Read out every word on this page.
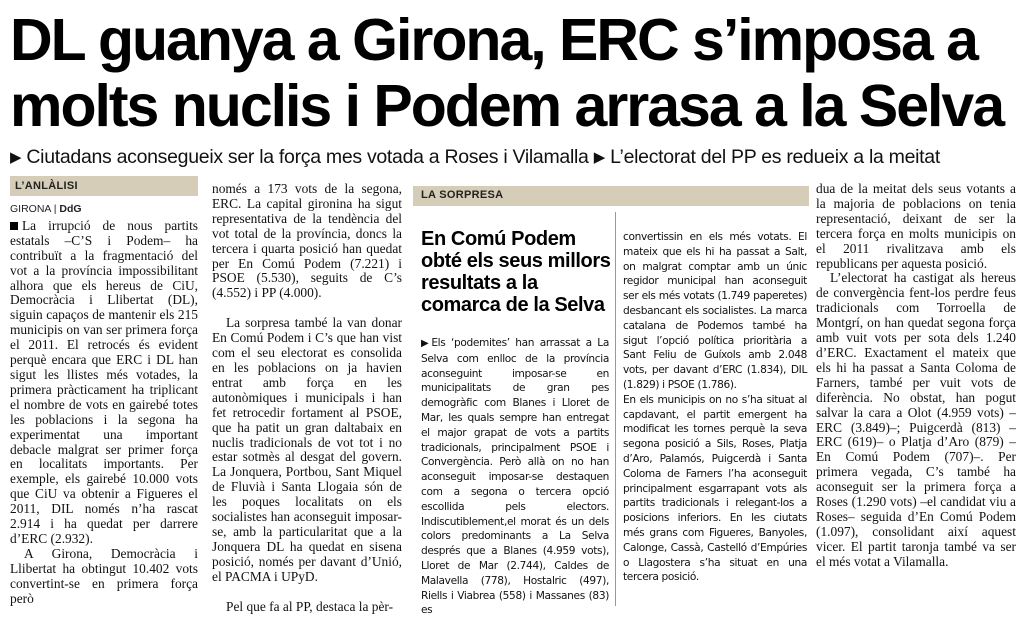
DL guanya a Girona, ERC s’imposa a
molts nuclis i Podem arrasa a la Selva
▶ Ciutadans aconsegueix ser la força mes votada a Roses i Vilamalla ▶ L’electorat del PP es redueix a la meitat
L’ANLÀLISI
GIRONA | DdG

La irrupció de nous partits estatals –C’S i Podem– ha contribuït a la fragmentació del vot a la província impossibilitant alhora que els hereus de CiU, Democràcia i Llibertat (DL), siguin capaços de mantenir els 215 municipis on van ser primera força el 2011. El retrocés és evident perquè encara que ERC i DL han sigut les llistes més votades, la primera pràcticament ha triplicant el nombre de vots en gairebé totes les poblacions i la segona ha experimentat una important debacle malgrat ser primer força en localitats importants. Per exemple, els gairebé 10.000 vots que CiU va obtenir a Figueres el 2011, DIL només n’ha rascat 2.914 i ha quedat per darrere d’ERC (2.932).

A Girona, Democràcia i Llibertat ha obtingut 10.402 vots convertint-se en primera força però

només a 173 vots de la segona, ERC. La capital gironina ha sigut representativa de la tendència del vot total de la província, doncs la tercera i quarta posició han quedat per En Comú Podem (7.221) i PSOE (5.530), seguits de C’s (4.552) i PP (4.000).

La sorpresa també la van donar En Comú Podem i C’s que han vist com el seu electorat es consolida en les poblacions on ja havien entrat amb força en les autonòmiques i municipals i han fet retrocedir fortament al PSOE, que ha patit un gran daltabaix en nuclis tradicionals de vot tot i no estar sotmès al desgat del govern. La Jonquera, Portbou, Sant Miquel de Fluvià i Santa Llogaia són de les poques localitats on els socialistes han aconseguit imposar-se, amb la particularitat que a la Jonquera DL ha quedat en sisena posició, només per davant d’Unió, el PACMA i UPyD.

Pel que fa al PP, destaca la pèr-

LA SORPRESA
En Comú Podem obté els seus millors resultats a la comarca de la Selva

▶ Els ‘podemites’ han arrassat a La Selva com enlloc de la província aconseguint imposar-se en municipalitats de gran pes demogràfic com Blanes i Lloret de Mar, les quals sempre han entregat el major grapat de vots a partits tradicionals, principalment PSOE i Convergència. Però allà on no han aconseguit imposar-se destaquen com a segona o tercera opció escollida pels electors. Indiscutiblement,el morat és un dels colors predominants a La Selva després que a Blanes (4.959 vots), Lloret de Mar (2.744), Caldes de Malavella (778), Hostalric (497), Riells i Viabrea (558) i Massanes (83) es

convertissin en els més votats. El mateix que els hi ha passat a Salt, on malgrat comptar amb un únic regidor municipal han aconseguit ser els més votats (1.749 paperetes) desbancant els socialistes. La marca catalana de Podemos també ha sigut l’opció política prioritària a Sant Feliu de Guíxols amb 2.048 vots, per davant d’ERC (1.834), DIL (1.829) i PSOE (1.786).

En els municipis on no s’ha situat al capdavant, el partit emergent ha modificat les tornes perquè la seva segona posició a Sils, Roses, Platja d’Aro, Palamós, Puigcerdà i Santa Coloma de Farners l’ha aconseguit principalment esgarrapant vots als partits tradicionals i relegant-los a posicions inferiors. En les ciutats més grans com Figueres, Banyoles, Calonge, Cassà, Castelló d’Empúries o Llagostera s’ha situat en una tercera posició.

dua de la meitat dels seus votants a la majoria de poblacions on tenia representació, deixant de ser la tercera força en molts municipis on el 2011 rivalitzava amb els republicans per aquesta posició.

L’electorat ha castigat als hereus de convergència fent-los perdre feus tradicionals com Torroella de Montgrí, on han quedat segona força amb vuit vots per sota dels 1.240 d’ERC. Exactament el mateix que els hi ha passat a Santa Coloma de Farners, també per vuit vots de diferència. No obstat, han pogut salvar la cara a Olot (4.959 vots) –ERC (3.849)–; Puigcerdà (813) –ERC (619)– o Platja d’Aro (879) –En Comú Podem (707)–. Per primera vegada, C’s també ha aconseguit ser la primera força a Roses (1.290 vots) –el candidat viu a Roses– seguida d’En Comú Podem (1.097), consolidant així aquest vicer. El partit taronja també va ser el més votat a Vilamalla.
